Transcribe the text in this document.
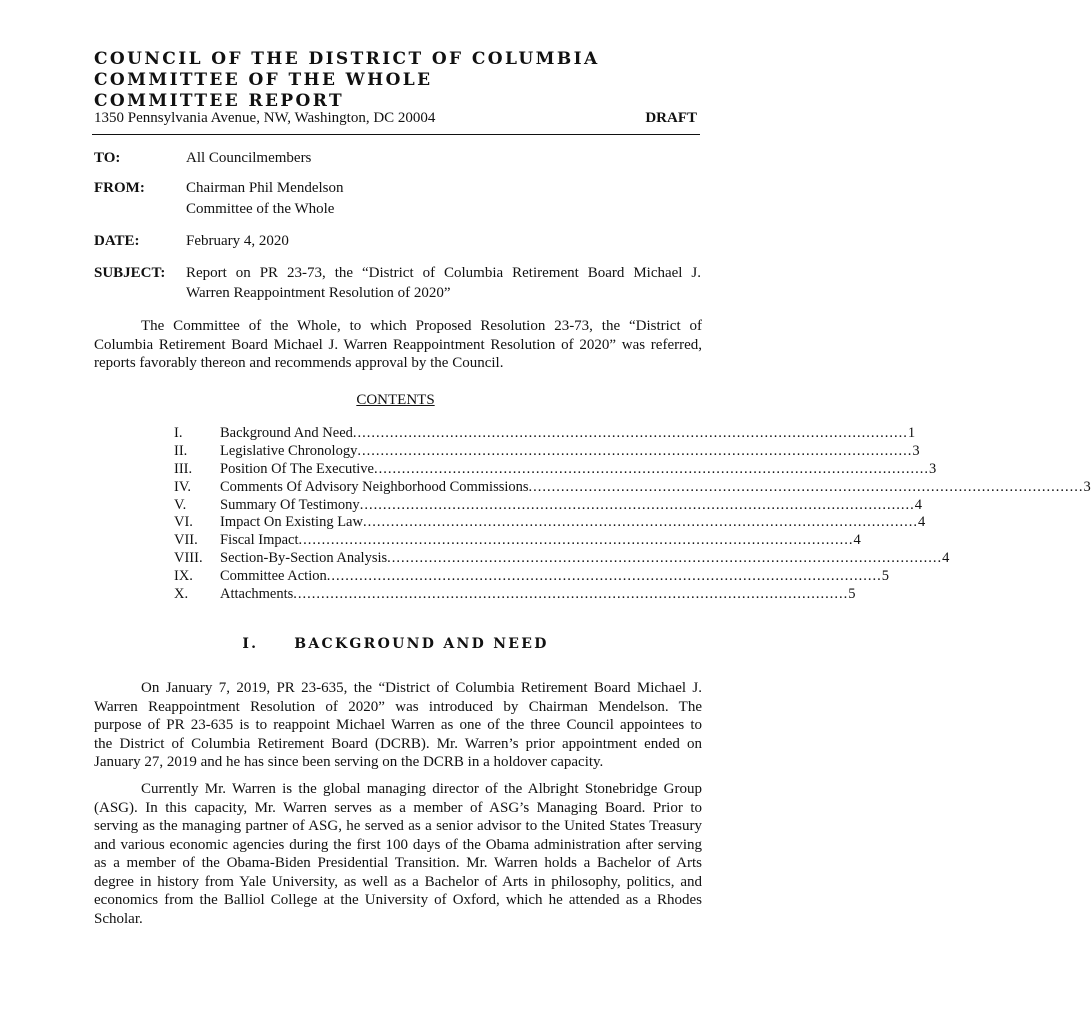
COUNCIL OF THE DISTRICT OF COLUMBIA
COMMITTEE OF THE WHOLE
COMMITTEE REPORT
1350 Pennsylvania Avenue, NW, Washington, DC 20004	DRAFT
TO:	All Councilmembers
FROM:	Chairman Phil Mendelson
Committee of the Whole
DATE:	February 4, 2020
SUBJECT: Report on PR 23-73, the “District of Columbia Retirement Board Michael J.
Warren Reappointment Resolution of 2020”
The Committee of the Whole, to which Proposed Resolution 23-73, the “District of
Columbia Retirement Board Michael J. Warren Reappointment Resolution of 2020” was referred,
reports favorably thereon and recommends approval by the Council.
CONTENTS
I.	Background And Need ........................................................................................................................ 1
II.	Legislative Chronology ........................................................................................................................ 3
III.	Position Of The Executive ........................................................................................................................ 3
IV.	Comments Of Advisory Neighborhood Commissions ........................................................................................................................ 3
V.	Summary Of Testimony ........................................................................................................................ 4
VI.	Impact On Existing Law ........................................................................................................................ 4
VII.	Fiscal Impact ........................................................................................................................ 4
VIII.	Section-By-Section Analysis ........................................................................................................................ 4
IX.	Committee Action ........................................................................................................................ 5
X.	Attachments ........................................................................................................................ 5
I.     BACKGROUND AND NEED
On January 7, 2019, PR 23-635, the “District of Columbia Retirement Board Michael J.
Warren Reappointment Resolution of 2020” was introduced by Chairman Mendelson. The
purpose of PR 23-635 is to reappoint Michael Warren as one of the three Council appointees to
the District of Columbia Retirement Board (DCRB). Mr. Warren’s prior appointment ended on
January 27, 2019 and he has since been serving on the DCRB in a holdover capacity.
Currently Mr. Warren is the global managing director of the Albright Stonebridge Group
(ASG). In this capacity, Mr. Warren serves as a member of ASG’s Managing Board. Prior to
serving as the managing partner of ASG, he served as a senior advisor to the United States Treasury
and various economic agencies during the first 100 days of the Obama administration after serving
as a member of the Obama-Biden Presidential Transition. Mr. Warren holds a Bachelor of Arts
degree in history from Yale University, as well as a Bachelor of Arts in philosophy, politics, and
economics from the Balliol College at the University of Oxford, which he attended as a Rhodes
Scholar.
